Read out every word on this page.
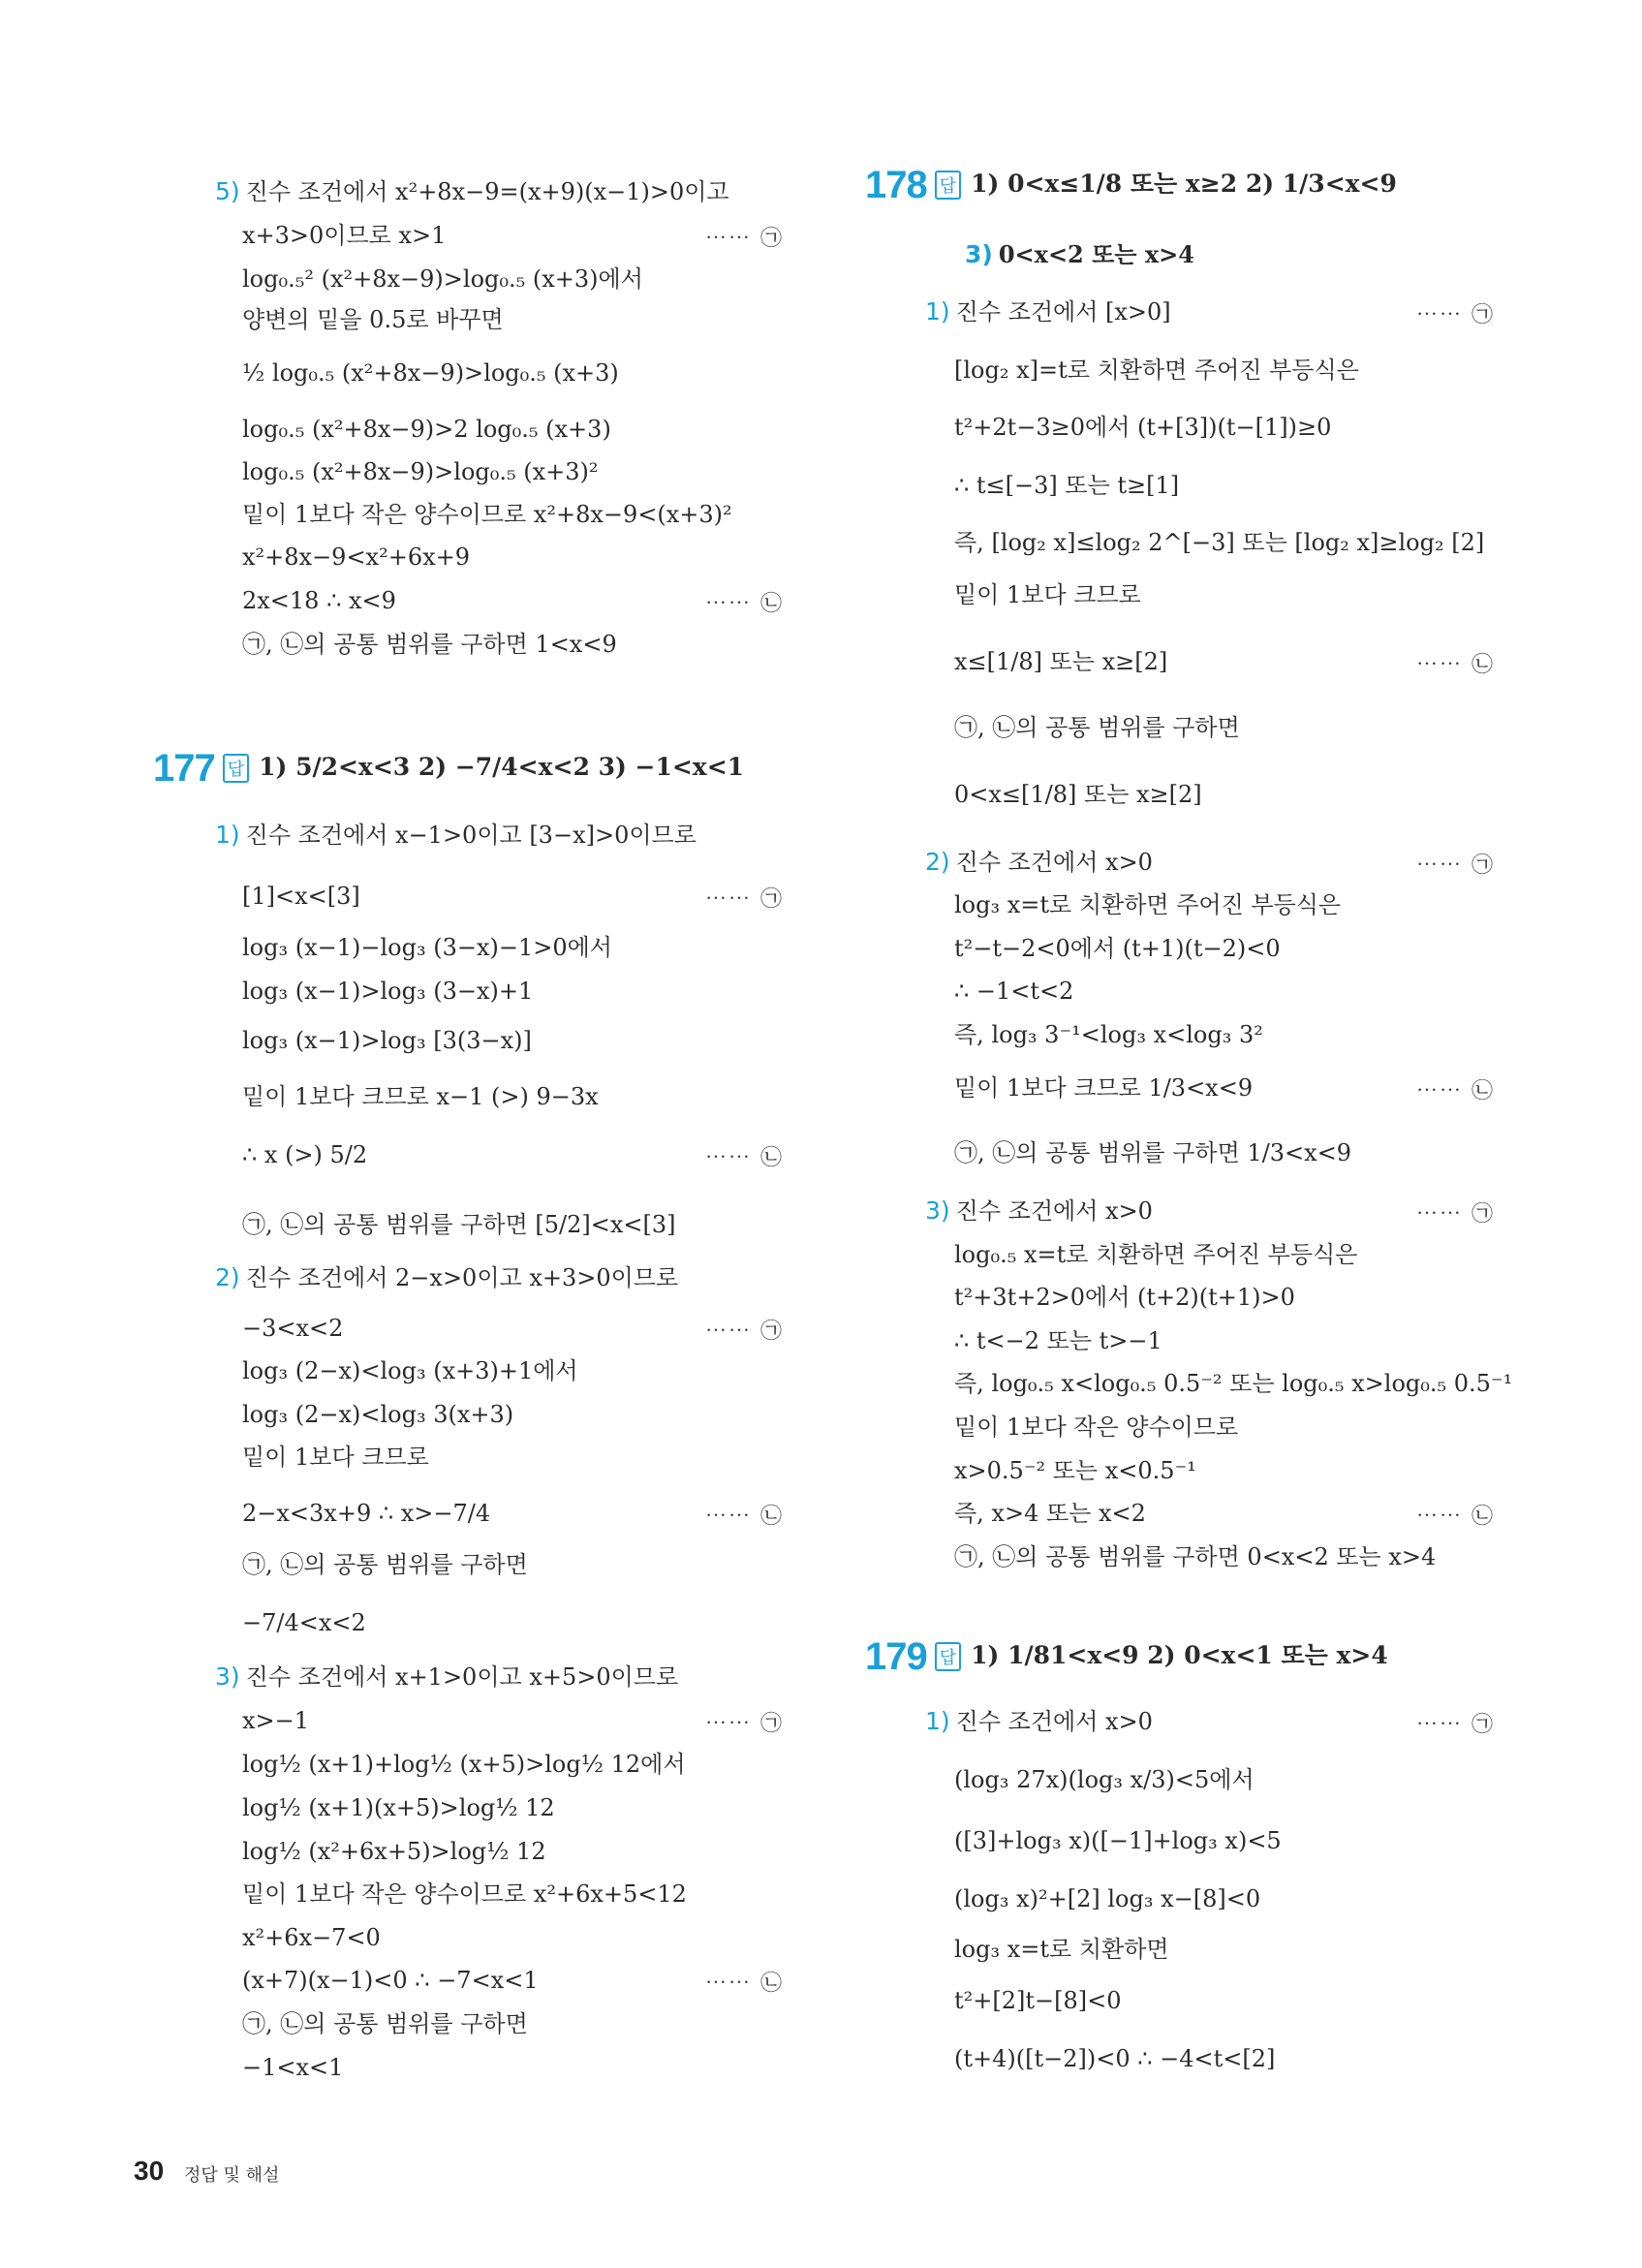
5) 진수 조건에서 x²+8x−9=(x+9)(x−1)>0이고
x+3>0이므로 x>1	⋯⋯ ㉠
log₀.₅² (x²+8x−9)>log₀.₅ (x+3)에서
양변의 밑을 0.5로 바꾸면
½ log₀.₅ (x²+8x−9)>log₀.₅ (x+3)
log₀.₅ (x²+8x−9)>2 log₀.₅ (x+3)
log₀.₅ (x²+8x−9)>log₀.₅ (x+3)²
밑이 1보다 작은 양수이므로 x²+8x−9<(x+3)²
x²+8x−9<x²+6x+9
2x<18 ∴ x<9	⋯⋯ ㉡
㉠, ㉡의 공통 범위를 구하면 1<x<9
1) 진수 조건에서 x−1>0이고 [3−x]>0이므로
[1]<x<[3]	⋯⋯ ㉠
log₃ (x−1)−log₃ (3−x)−1>0에서
log₃ (x−1)>log₃ (3−x)+1
log₃ (x−1)>log₃ [3(3−x)]
밑이 1보다 크므로 x−1 (>) 9−3x
∴ x (>) 5/2	⋯⋯ ㉡
㉠, ㉡의 공통 범위를 구하면 [5/2]<x<[3]
2) 진수 조건에서 2−x>0이고 x+3>0이므로
−3<x<2	⋯⋯ ㉠
log₃ (2−x)<log₃ (x+3)+1에서
log₃ (2−x)<log₃ 3(x+3)
밑이 1보다 크므로
2−x<3x+9 ∴ x>−7/4	⋯⋯ ㉡
㉠, ㉡의 공통 범위를 구하면
−7/4<x<2
3) 진수 조건에서 x+1>0이고 x+5>0이므로
x>−1	⋯⋯ ㉠
log½ (x+1)+log½ (x+5)>log½ 12에서
log½ (x+1)(x+5)>log½ 12
log½ (x²+6x+5)>log½ 12
밑이 1보다 작은 양수이므로 x²+6x+5<12
x²+6x−7<0
(x+7)(x−1)<0 ∴ −7<x<1	⋯⋯ ㉡
㉠, ㉡의 공통 범위를 구하면
−1<x<1
3) 0<x<2 또는 x>4
1) 진수 조건에서 [x>0]	⋯⋯ ㉠
[log₂ x]=t로 치환하면 주어진 부등식은
t²+2t−3≥0에서 (t+[3])(t−[1])≥0
∴ t≤[−3] 또는 t≥[1]
즉, [log₂ x]≤log₂ 2^[−3] 또는 [log₂ x]≥log₂ [2]
밑이 1보다 크므로
x≤[1/8] 또는 x≥[2]	⋯⋯ ㉡
㉠, ㉡의 공통 범위를 구하면
0<x≤[1/8] 또는 x≥[2]
2) 진수 조건에서 x>0	⋯⋯ ㉠
log₃ x=t로 치환하면 주어진 부등식은
t²−t−2<0에서 (t+1)(t−2)<0
∴ −1<t<2
즉, log₃ 3⁻¹<log₃ x<log₃ 3²
밑이 1보다 크므로 1/3<x<9	⋯⋯ ㉡
㉠, ㉡의 공통 범위를 구하면 1/3<x<9
3) 진수 조건에서 x>0	⋯⋯ ㉠
log₀.₅ x=t로 치환하면 주어진 부등식은
t²+3t+2>0에서 (t+2)(t+1)>0
∴ t<−2 또는 t>−1
즉, log₀.₅ x<log₀.₅ 0.5⁻² 또는 log₀.₅ x>log₀.₅ 0.5⁻¹
밑이 1보다 작은 양수이므로
x>0.5⁻² 또는 x<0.5⁻¹
즉, x>4 또는 x<2	⋯⋯ ㉡
㉠, ㉡의 공통 범위를 구하면 0<x<2 또는 x>4
1) 진수 조건에서 x>0	⋯⋯ ㉠
(log₃ 27x)(log₃ x/3)<5에서
([3]+log₃ x)([−1]+log₃ x)<5
(log₃ x)²+[2] log₃ x−[8]<0
log₃ x=t로 치환하면
t²+[2]t−[8]<0
(t+4)([t−2])<0 ∴ −4<t<[2]
178 답 1) 0<x≤1/8 또는 x≥2 2) 1/3<x<9
177 답 1) 5/2<x<3 2) −7/4<x<2 3) −1<x<1
179 답 1) 1/81<x<9 2) 0<x<1 또는 x>4
30 정답 및 해설
